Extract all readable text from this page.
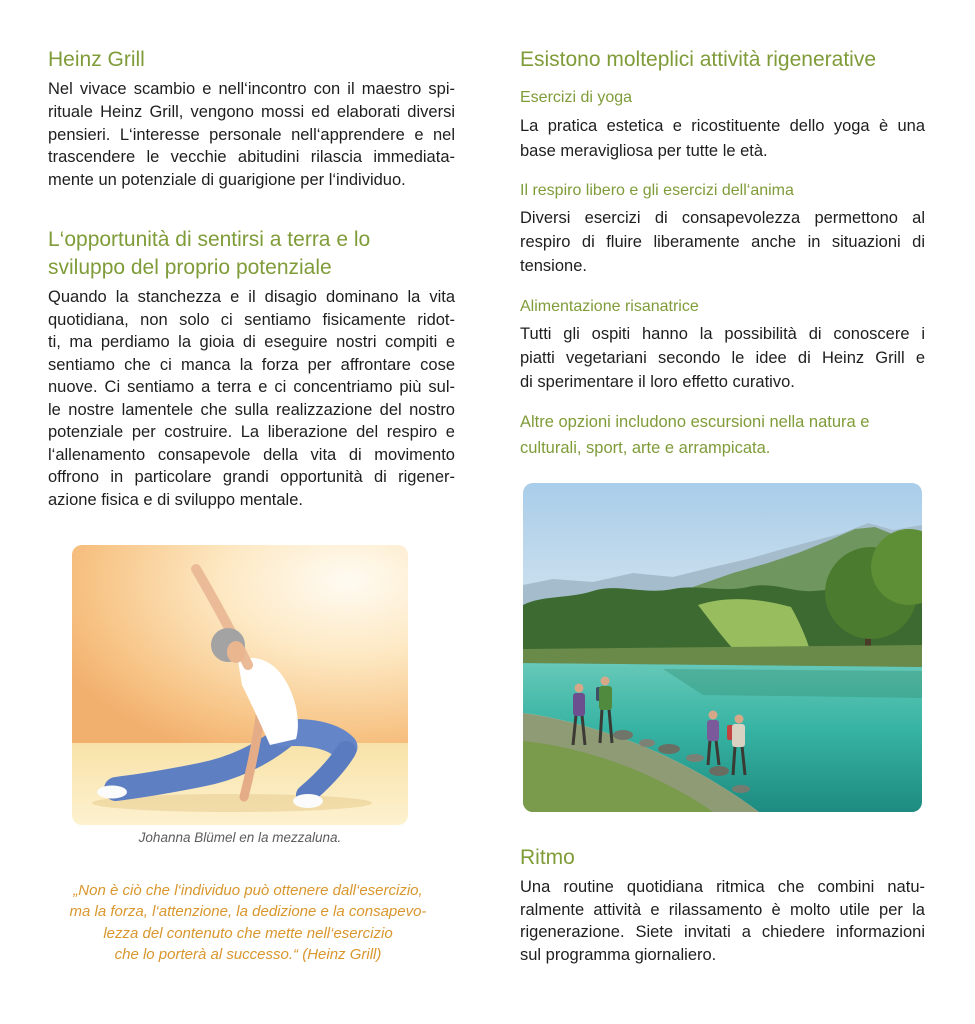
Heinz Grill
Nel vivace scambio e nell‘incontro con il maestro spi-
rituale Heinz Grill, vengono mossi ed elaborati diversi
pensieri. L‘interesse personale nell‘apprendere e nel
trascendere le vecchie abitudini rilascia immediata-
mente un potenziale di guarigione per l‘individuo.
L‘opportunità di sentirsi a terra e lo
sviluppo del proprio potenziale
Quando la stanchezza e il disagio dominano la vita
quotidiana, non solo ci sentiamo fisicamente ridot-
ti, ma perdiamo la gioia di eseguire nostri compiti e
sentiamo che ci manca la forza per affrontare cose
nuove. Ci sentiamo a terra e ci concentriamo più sul-
le nostre lamentele che sulla realizzazione del nostro
potenziale per costruire. La liberazione del respiro e
l‘allenamento consapevole della vita di movimento
offrono in particolare grandi opportunità di rigener-
azione fisica e di sviluppo mentale.
Johanna Blümel en la mezzaluna.
„Non è ciò che l‘individuo può ottenere dall‘esercizio,
ma la forza, l‘attenzione, la dedizione e la consapevo-
lezza del contenuto che mette nell‘esercizio
che lo porterà al successo.“ (Heinz Grill)
Esistono molteplici attività rigenerative
Esercizi di yoga
La pratica estetica e ricostituente dello yoga è una
base meravigliosa per tutte le età.
Il respiro libero e gli esercizi dell‘anima
Diversi esercizi di consapevolezza permettono al
respiro di fluire liberamente anche in situazioni di
tensione.
Alimentazione risanatrice
Tutti gli ospiti hanno la possibilità di conoscere i
piatti vegetariani secondo le idee di Heinz Grill e
di sperimentare il loro effetto curativo.
Altre opzioni includono escursioni nella natura e
culturali, sport, arte e arrampicata.
Ritmo
Una routine quotidiana ritmica che combini natu-
ralmente attività e rilassamento è molto utile per la
rigenerazione. Siete invitati a chiedere informazioni
sul programma giornaliero.
